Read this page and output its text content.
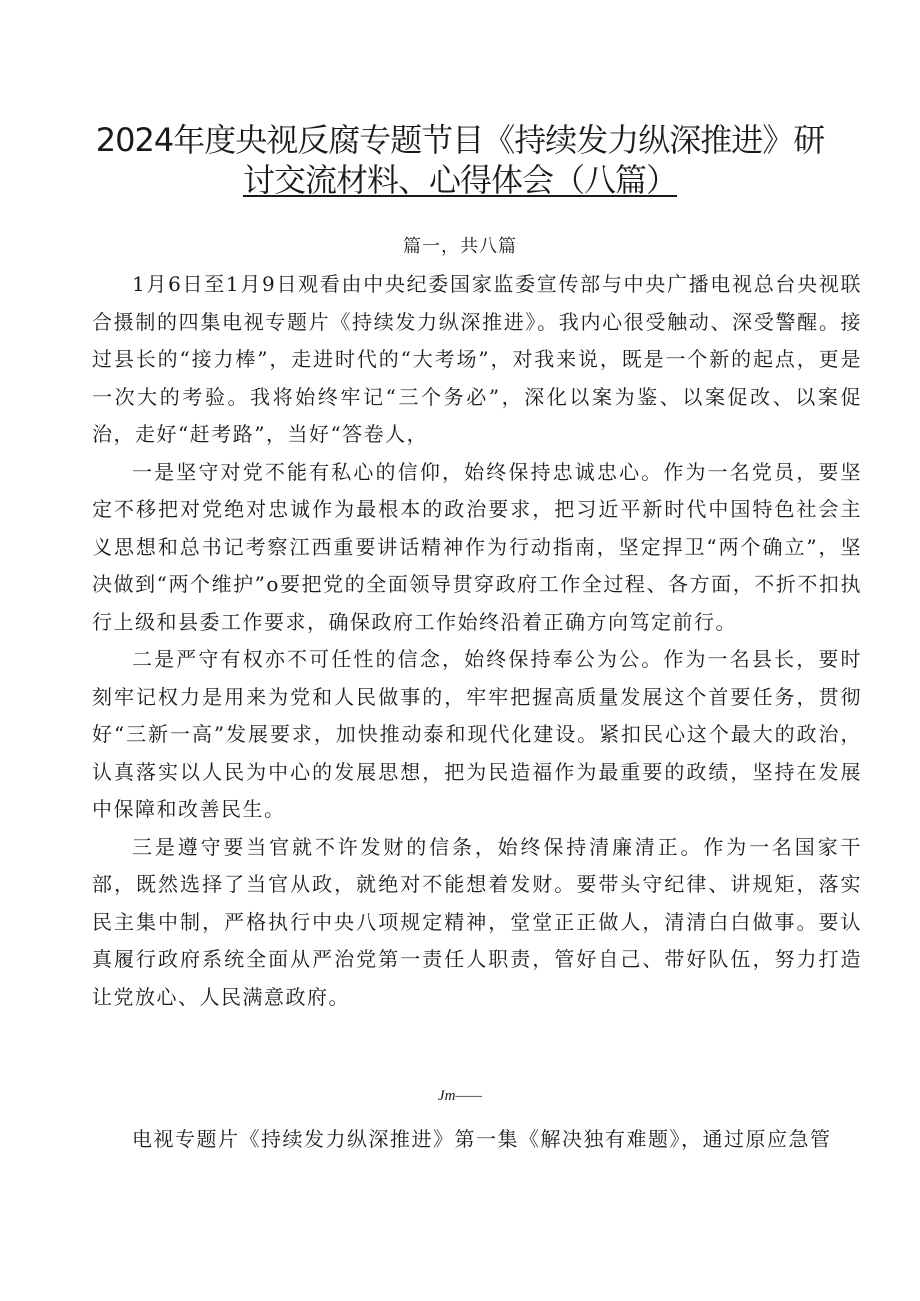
2024年度央视反腐专题节目《持续发力纵深推进》研
讨交流材料、心得体会（八篇）
篇一，共八篇

1月6日至1月9日观看由中央纪委国家监委宣传部与中央广播电视总台央视联合摄制的四集电视专题片《持续发力纵深推进》。我内心很受触动、深受警醒。接过县长的“接力棒”，走进时代的“大考场”，对我来说，既是一个新的起点，更是一次大的考验。我将始终牢记“三个务必”，深化以案为鉴、以案促改、以案促治，走好“赶考路”，当好“答卷人，

一是坚守对党不能有私心的信仰，始终保持忠诚忠心。作为一名党员，要坚定不移把对党绝对忠诚作为最根本的政治要求，把习近平新时代中国特色社会主义思想和总书记考察江西重要讲话精神作为行动指南，坚定捍卫“两个确立”，坚决做到“两个维护”o要把党的全面领导贯穿政府工作全过程、各方面，不折不扣执行上级和县委工作要求，确保政府工作始终沿着正确方向笃定前行。

二是严守有权亦不可任性的信念，始终保持奉公为公。作为一名县长，要时刻牢记权力是用来为党和人民做事的，牢牢把握高质量发展这个首要任务，贯彻好“三新一高”发展要求，加快推动泰和现代化建设。紧扣民心这个最大的政治，认真落实以人民为中心的发展思想，把为民造福作为最重要的政绩，坚持在发展中保障和改善民生。

三是遵守要当官就不许发财的信条，始终保持清廉清正。作为一名国家干部，既然选择了当官从政，就绝对不能想着发财。要带头守纪律、讲规矩，落实民主集中制，严格执行中央八项规定精神，堂堂正正做人，清清白白做事。要认真履行政府系统全面从严治党第一责任人职责，管好自己、带好队伍，努力打造让党放心、人民满意政府。

Jm——

电视专题片《持续发力纵深推进》第一集《解决独有难题》，通过原应急管
